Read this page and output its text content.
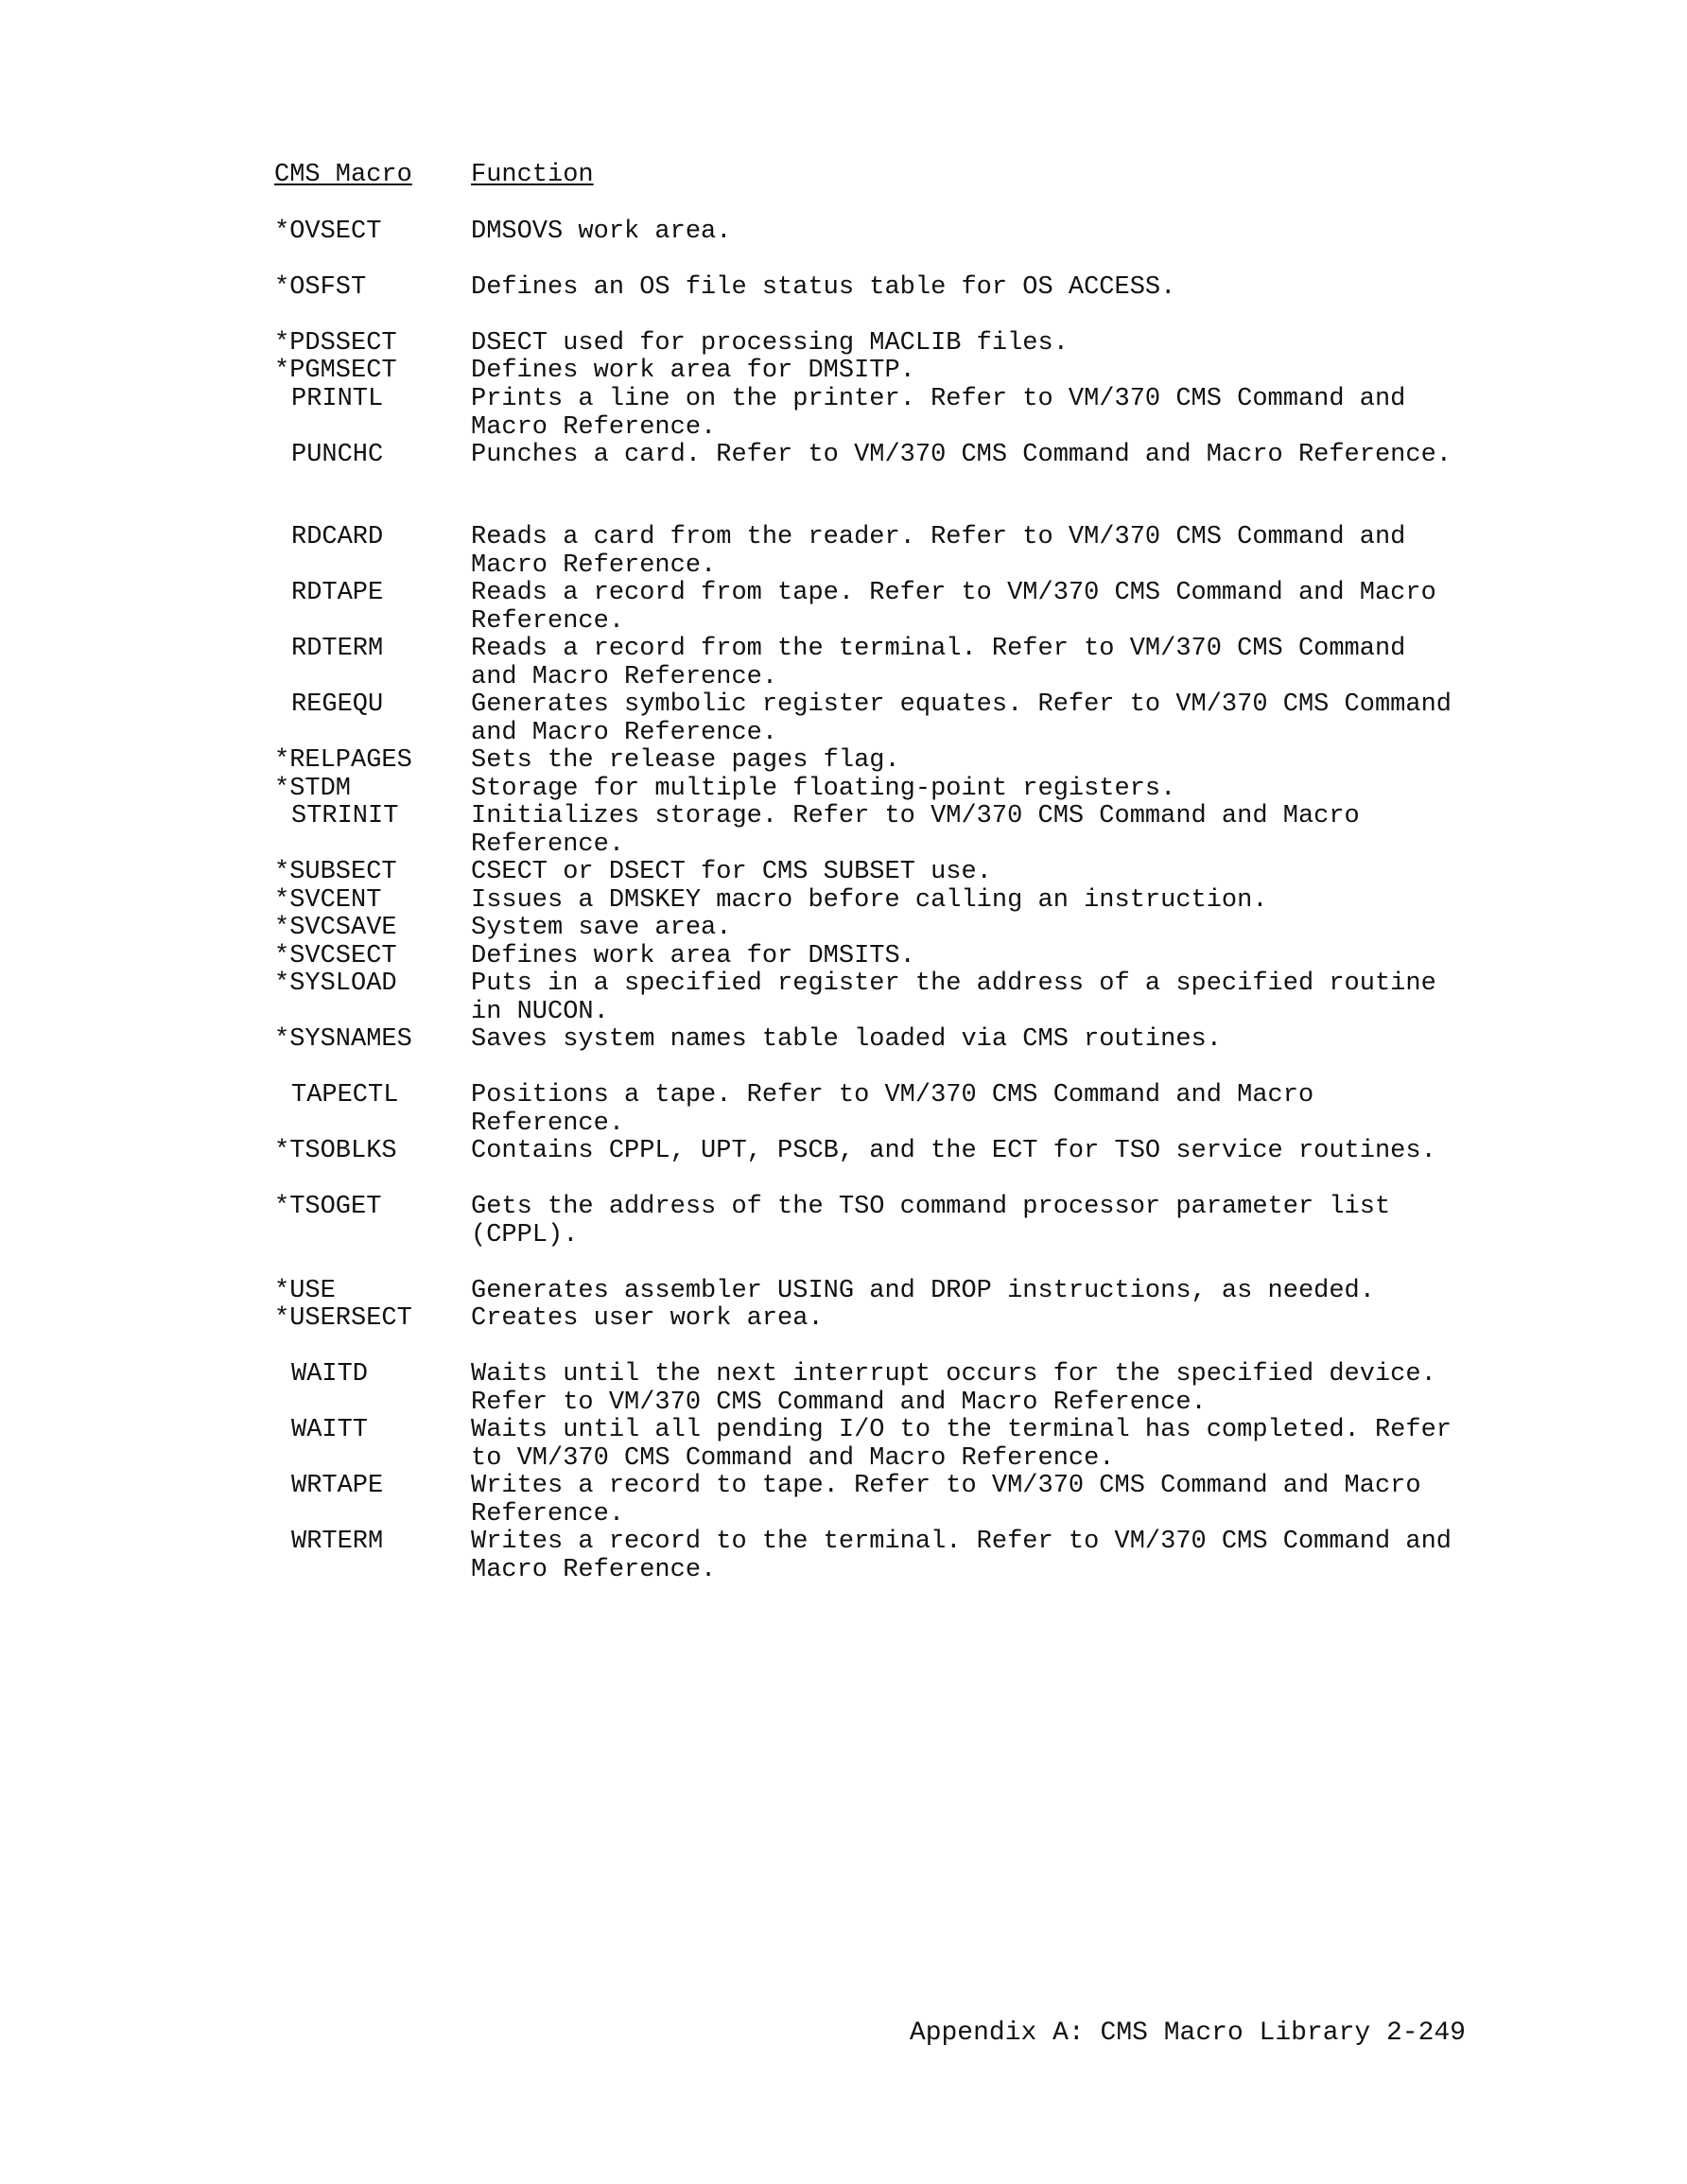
CMS Macro	Function
*OVSECT	DMSOVS work area.
*OSFST	Defines an OS file status table for OS ACCESS.
*PDSSECT	DSECT used for processing MACLIB files.
*PGMSECT	Defines work area for DMSITP.
PRINTL	Prints a line on the printer. Refer to VM/370 CMS Command and Macro Reference.
PUNCHC	Punches a card. Refer to VM/370 CMS Command and Macro Reference.
RDCARD	Reads a card from the reader. Refer to VM/370 CMS Command and Macro Reference.
RDTAPE	Reads a record from tape. Refer to VM/370 CMS Command and Macro Reference.
RDTERM	Reads a record from the terminal. Refer to VM/370 CMS Command and Macro Reference.
REGEQU	Generates symbolic register equates. Refer to VM/370 CMS Command and Macro Reference.
*RELPAGES	Sets the release pages flag.
*STDM	Storage for multiple floating-point registers.
STRINIT	Initializes storage. Refer to VM/370 CMS Command and Macro Reference.
*SUBSECT	CSECT or DSECT for CMS SUBSET use.
*SVCENT	Issues a DMSKEY macro before calling an instruction.
*SVCSAVE	System save area.
*SVCSECT	Defines work area for DMSITS.
*SYSLOAD	Puts in a specified register the address of a specified routine in NUCON.
*SYSNAMES	Saves system names table loaded via CMS routines.
TAPECTL	Positions a tape. Refer to VM/370 CMS Command and Macro Reference.
*TSOBLKS	Contains CPPL, UPT, PSCB, and the ECT for TSO service routines.
*TSOGET	Gets the address of the TSO command processor parameter list (CPPL).
*USE	Generates assembler USING and DROP instructions, as needed.
*USERSECT	Creates user work area.
WAITD	Waits until the next interrupt occurs for the specified device. Refer to VM/370 CMS Command and Macro Reference.
WAITT	Waits until all pending I/O to the terminal has completed. Refer to VM/370 CMS Command and Macro Reference.
WRTAPE	Writes a record to tape. Refer to VM/370 CMS Command and Macro Reference.
WRTERM	Writes a record to the terminal. Refer to VM/370 CMS Command and Macro Reference.
Appendix A: CMS Macro Library 2-249
